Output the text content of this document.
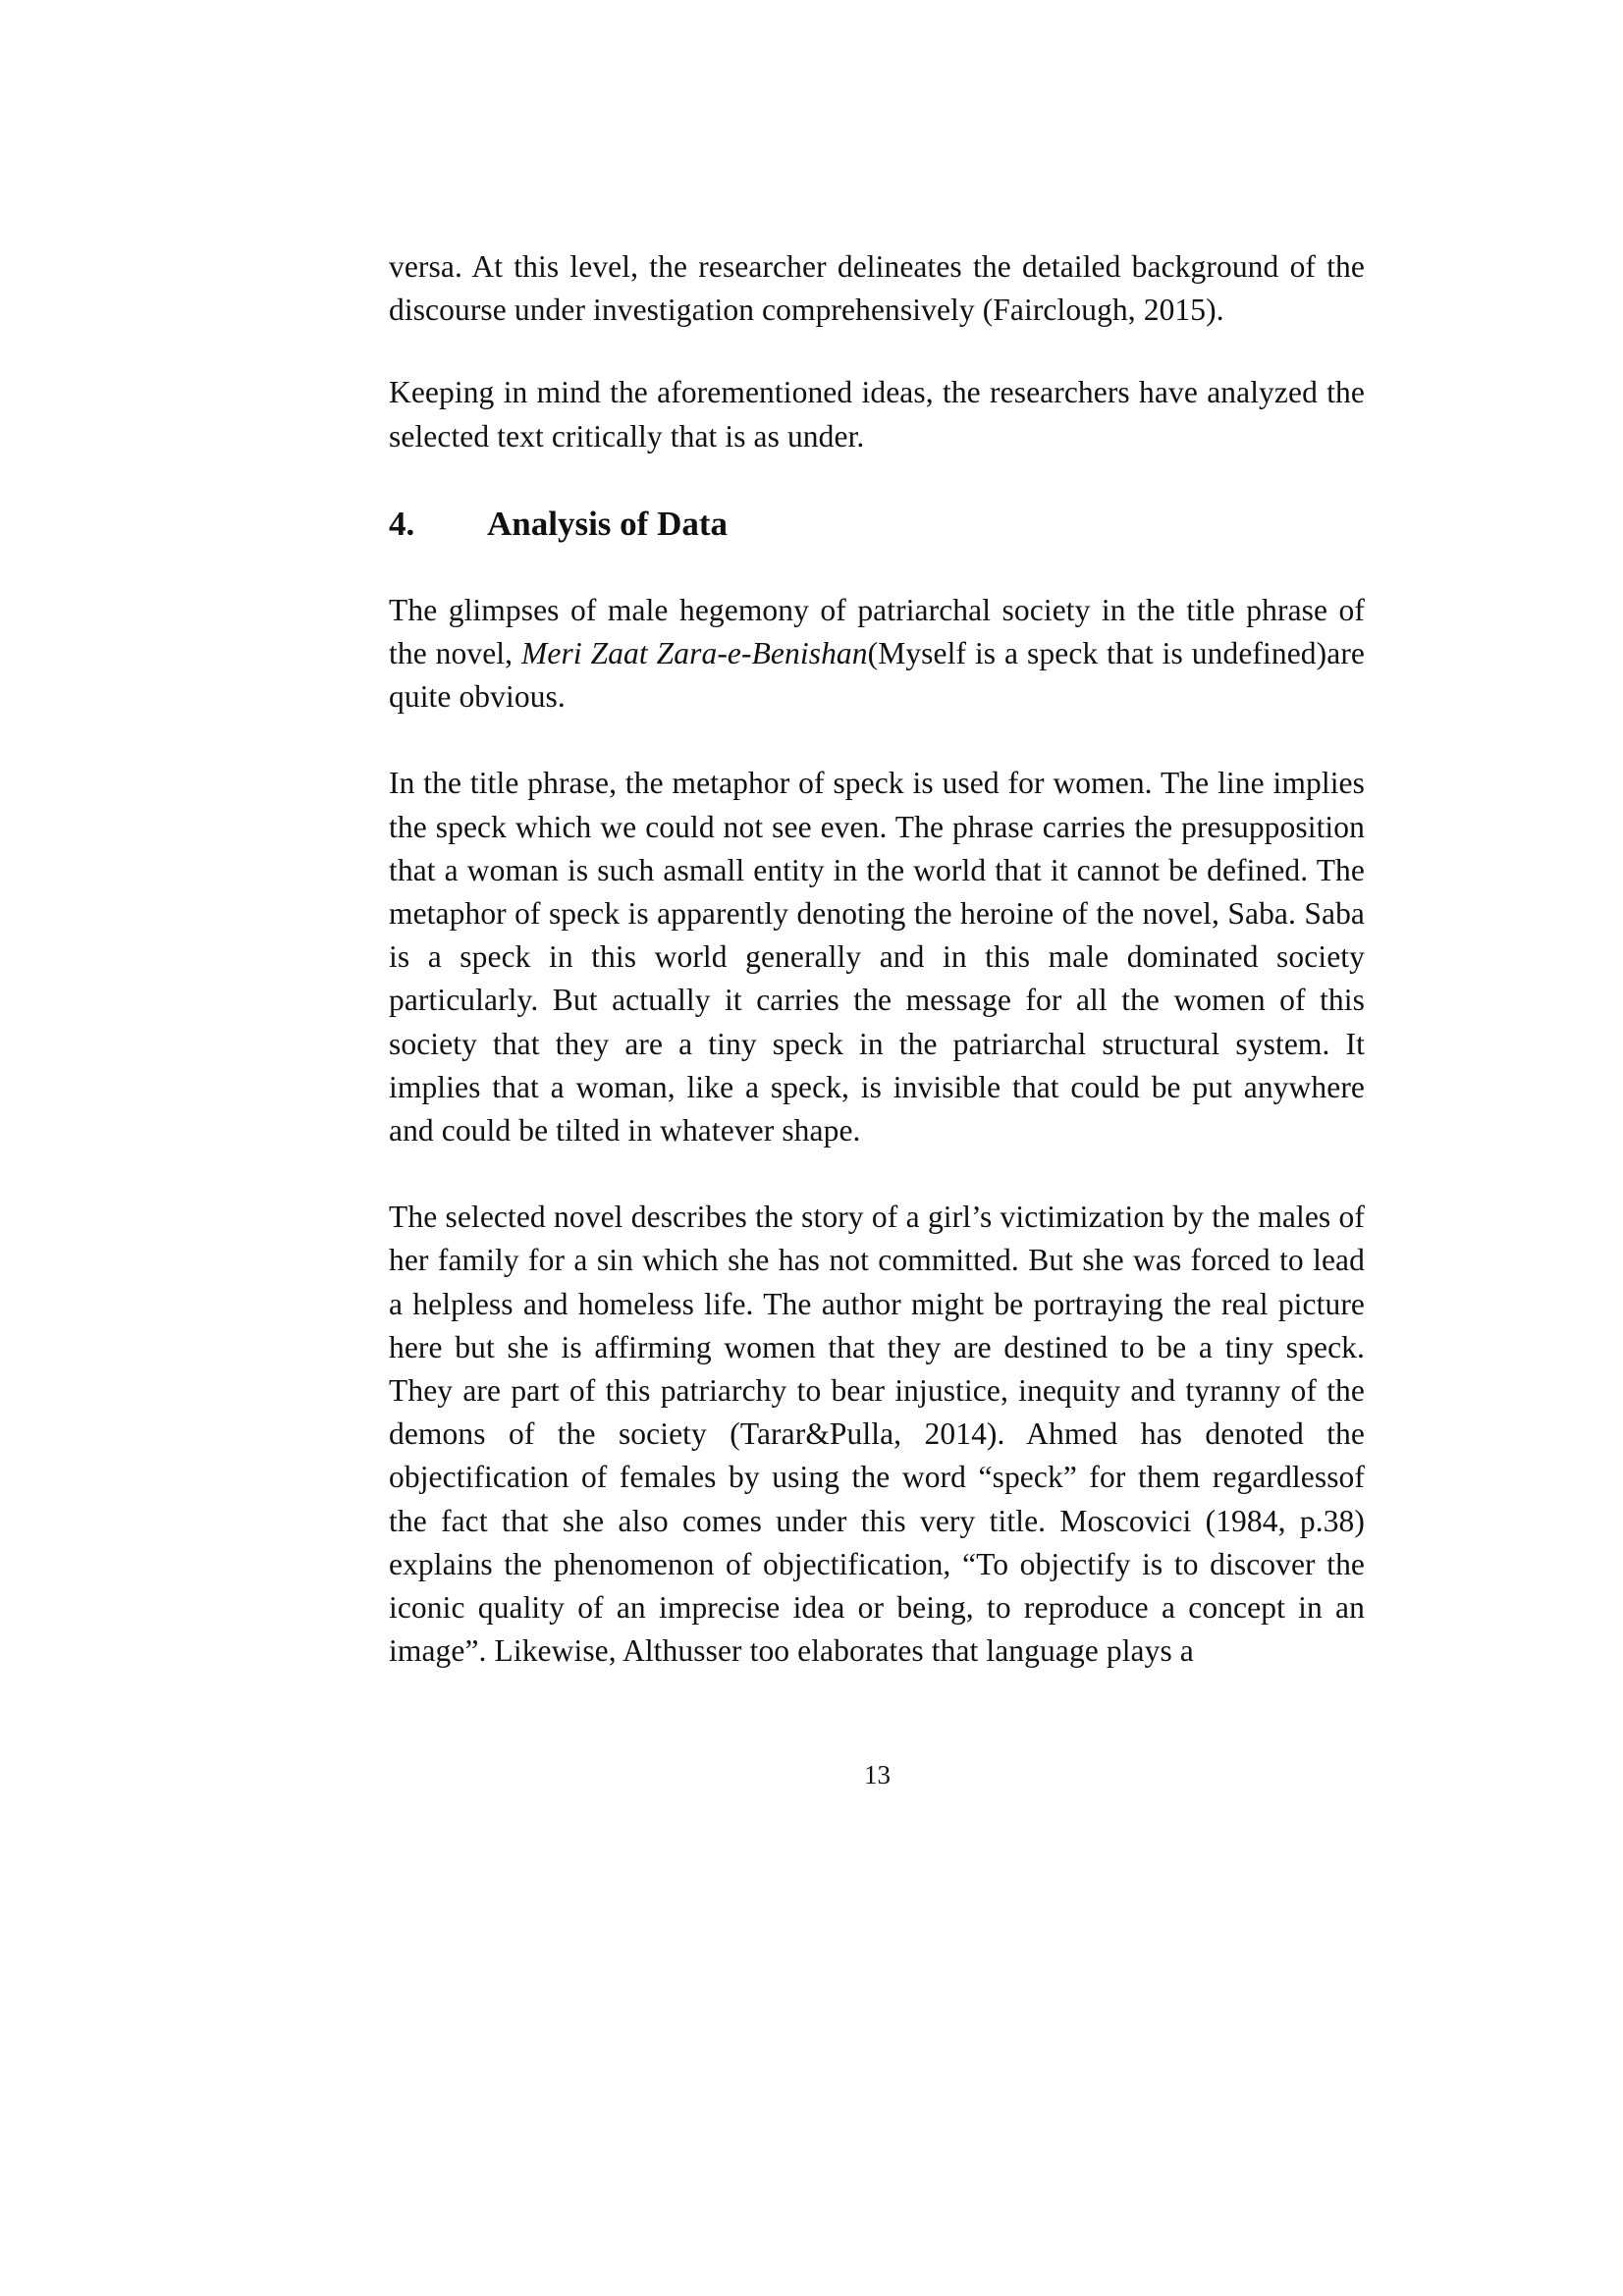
versa. At this level, the researcher delineates the detailed background of the discourse under investigation comprehensively (Fairclough, 2015).

Keeping in mind the aforementioned ideas, the researchers have analyzed the selected text critically that is as under.

4.	Analysis of Data

The glimpses of male hegemony of patriarchal society in the title phrase of the novel, Meri Zaat Zara-e-Benishan(Myself is a speck that is undefined)are quite obvious.

In the title phrase, the metaphor of speck is used for women. The line implies the speck which we could not see even. The phrase carries the presupposition that a woman is such asmall entity in the world that it cannot be defined. The metaphor of speck is apparently denoting the heroine of the novel, Saba. Saba is a speck in this world generally and in this male dominated society particularly. But actually it carries the message for all the women of this society that they are a tiny speck in the patriarchal structural system. It implies that a woman, like a speck, is invisible that could be put anywhere and could be tilted in whatever shape.

The selected novel describes the story of a girl’s victimization by the males of her family for a sin which she has not committed. But she was forced to lead a helpless and homeless life. The author might be portraying the real picture here but she is affirming women that they are destined to be a tiny speck. They are part of this patriarchy to bear injustice, inequity and tyranny of the demons of the society (Tarar&Pulla, 2014). Ahmed has denoted the objectification of females by using the word “speck” for them regardlessof the fact that she also comes under this very title. Moscovici (1984, p.38) explains the phenomenon of objectification, “To objectify is to discover the iconic quality of an imprecise idea or being, to reproduce a concept in an image”. Likewise, Althusser too elaborates that language plays a

13
